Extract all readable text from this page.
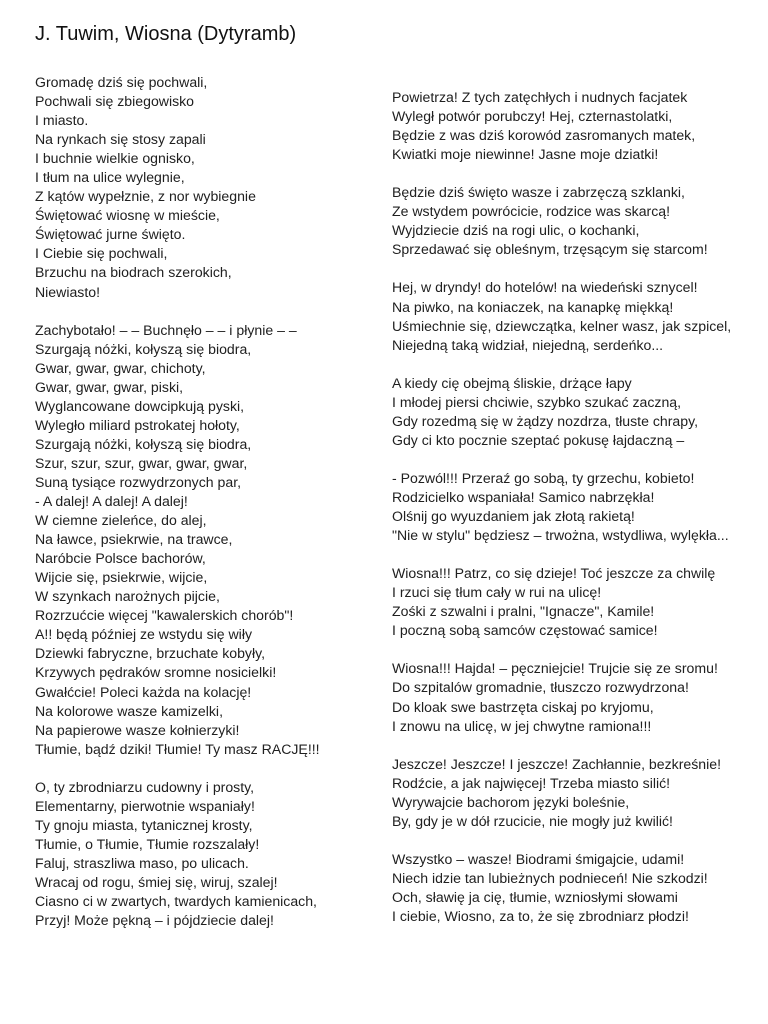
J. Tuwim, Wiosna (Dytyramb)
Gromadę dziś się pochwali,
Pochwali się zbiegowisko
I miasto.
Na rynkach się stosy zapali
I buchnie wielkie ognisko,
I tłum na ulice wylegnie,
Z kątów wypełznie, z nor wybiegnie
Świętować wiosnę w mieście,
Świętować jurne święto.
I Ciebie się pochwali,
Brzuchu na biodrach szerokich,
Niewiasto!
Zachybotało! – – Buchnęło – – i płynie – –
Szurgają nóżki, kołyszą się biodra,
Gwar, gwar, gwar, chichoty,
Gwar, gwar, gwar, piski,
Wyglancowane dowcipkują pyski,
Wyległo miliard pstrokatej hołoty,
Szurgają nóżki, kołyszą się biodra,
Szur, szur, szur, gwar, gwar, gwar,
Suną tysiące rozwydrzonych par,
- A dalej! A dalej! A dalej!
W ciemne zieleńce, do alej,
Na ławce, psiekrwie, na trawce,
Naróbcie Polsce bachorów,
Wijcie się, psiekrwie, wijcie,
W szynkach narożnych pijcie,
Rozrzućcie więcej "kawalerskich chorób"!
A!! będą później ze wstydu się wiły
Dziewki fabryczne, brzuchate kobyły,
Krzywych pędraków sromne nosicielki!
Gwałćcie! Poleci każda na kolację!
Na kolorowe wasze kamizelki,
Na papierowe wasze kołnierzyki!
Tłumie, bądź dziki! Tłumie! Ty masz RACJĘ!!!
O, ty zbrodniarzu cudowny i prosty,
Elementarny, pierwotnie wspaniały!
Ty gnoju miasta, tytanicznej krosty,
Tłumie, o Tłumie, Tłumie rozszalały!
Faluj, straszliwa maso, po ulicach.
Wracaj od rogu, śmiej się, wiruj, szalej!
Ciasno ci w zwartych, twardych kamienicach,
Przyj! Może pękną – i pójdziecie dalej!
Powietrza! Z tych zatęchłych i nudnych facjatek
Wyległ potwór porubczy! Hej, czternastolatki,
Będzie z was dziś korowód zasromanych matek,
Kwiatki moje niewinne! Jasne moje dziatki!
Będzie dziś święto wasze i zabrzęczą szklanki,
Ze wstydem powrócicie, rodzice was skarcą!
Wyjdziecie dziś na rogi ulic, o kochanki,
Sprzedawać się obleśnym, trzęsącym się starcom!
Hej, w dryndy! do hotelów! na wiedeński sznycel!
Na piwko, na koniaczek, na kanapkę miękką!
Uśmiechnie się, dziewczątka, kelner wasz, jak szpicel,
Niejedną taką widział, niejedną, serdeńko...
A kiedy cię obejmą śliskie, drżące łapy
I młodej piersi chciwie, szybko szukać zaczną,
Gdy rozedmą się w żądzy nozdrza, tłuste chrapy,
Gdy ci kto pocznie szeptać pokusę łajdaczną –
- Pozwól!!! Przeraź go sobą, ty grzechu, kobieto!
Rodzicielko wspaniała! Samico nabrzękła!
Olśnij go wyuzdaniem jak złotą rakietą!
"Nie w stylu" będziesz – trwożna, wstydliwa, wylękła...
Wiosna!!! Patrz, co się dzieje! Toć jeszcze za chwilę
I rzuci się tłum cały w rui na ulicę!
Zośki z szwalni i pralni, "Ignacze", Kamile!
I poczną sobą samców częstować samice!
Wiosna!!! Hajda! – pęczniejcie! Trujcie się ze sromu!
Do szpitalów gromadnie, tłuszczo rozwydrzona!
Do kloak swe bastrzęta ciskaj po kryjomu,
I znowu na ulicę, w jej chwytne ramiona!!!
Jeszcze! Jeszcze! I jeszcze! Zachłannie, bezkreśnie!
Rodźcie, a jak najwięcej! Trzeba miasto silić!
Wyrywajcie bachorom języki boleśnie,
By, gdy je w dół rzucicie, nie mogły już kwilić!
Wszystko – wasze! Biodrami śmigajcie, udami!
Niech idzie tan lubieżnych podnieceń! Nie szkodzi!
Och, sławię ja cię, tłumie, wzniosłymi słowami
I ciebie, Wiosno, za to, że się zbrodniarz płodzi!
